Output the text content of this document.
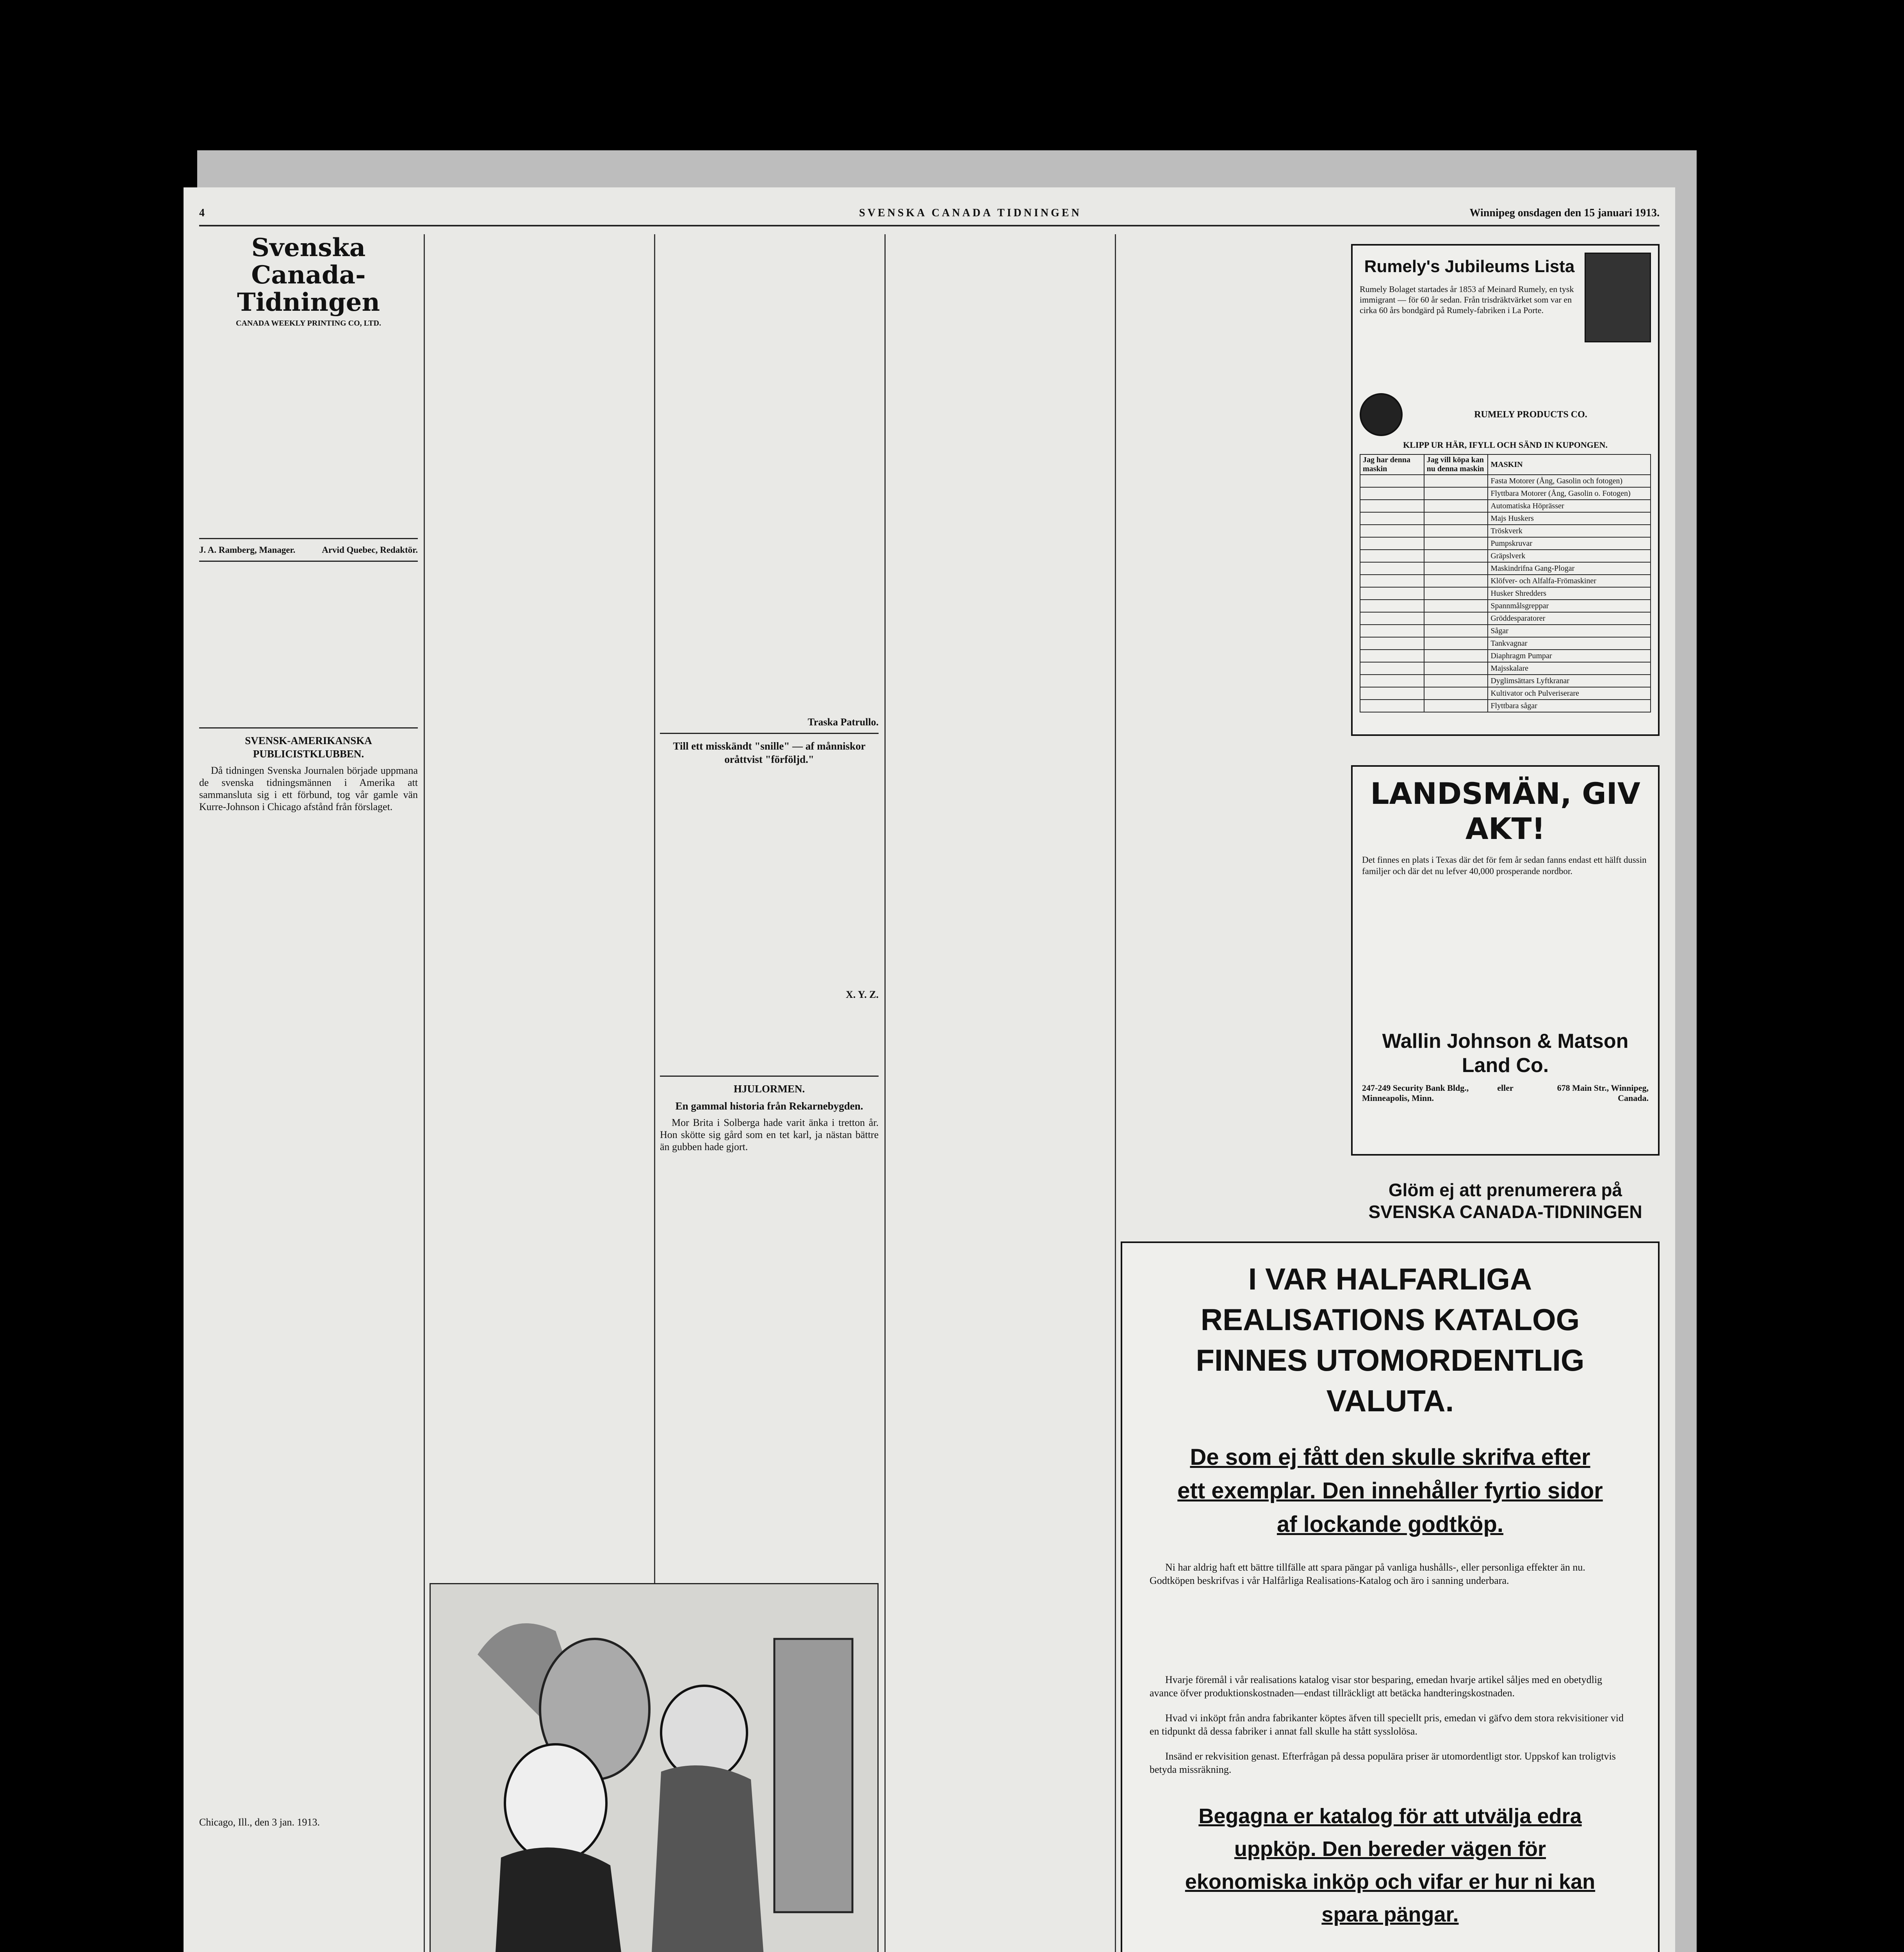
4	SVENSKA CANADA TIDNINGEN	Winnipeg onsdagen den 15 januari 1913.
Svenska Canada-
Tidningen
CANADA WEEKLY PRINTING CO, LTD.
J. A. Ramberg, Manager.	Arvid Quebec, Redaktör.
SVENSK-AMERIKANSKA PUBLICISTKLUBBEN.
Då tidningen Svenska Journalen började uppmana de svenska tidningsmännen i Amerika att sammansluta sig i ett förbund, tog vår gamle vän Kurre-Johnson i Chicago afstånd från förslaget.
Chicago, Ill., den 3 jan. 1913.
Traska Patrullo.
Till ett misskändt "snille" — af månniskor oråttvist "förföljd."
X. Y. Z.
HJULORMEN.
En gammal historia från Rekarnebygden.
Mor Brita i Solberga hade varit änka i tretton år. Hon skötte sig gård som en tet karl, ja nästan bättre än gubben hade gjort.
Rumely's Jubileums Lista
Rumely Bolaget startades år 1853 af Meinard Rumely, en tysk immigrant — för 60 år sedan. Från trisdräktvärket som var en cirka 60 års bondgärd på Rumely-fabriken i La Porte.
RUMELY PRODUCTS CO.
KLIPP UR HÄR, IFYLL OCH SÄND IN KUPONGEN.
Jag har denna maskin	Jag vill köpa kan nu denna maskin	MASKIN
		Fasta Motorer (Ång, Gasolin och fotogen)
		Flyttbara Motorer (Ång, Gasolin o. Fotogen)
		Automatiska Höprässer
		Majs Huskers
		Tröskverk
		Pumpskruvar
		Gräpslverk
		Maskindrifna Gang-Plogar
		Klöfver- och Alfalfa-Frömaskiner
		Husker Shredders
		Spannmålsgreppar
		Gröddesparatorer
		Sågar
		Tankvagnar
		Diaphragm Pumpar
		Majsskalare
		Dyglimsättars Lyftkranar
		Kultivator och Pulveriserare
		Flyttbara sågar
LANDSMÄN, GIV AKT!
Det finnes en plats i Texas där det för fem år sedan fanns endast ett hälft dussin familjer och där det nu lefver 40,000 prosperande nordbor.
Wallin Johnson & Matson Land Co.
247-249 Security Bank Bldg., Minneapolis, Minn.
eller	678 Main Str., Winnipeg, Canada.
Glöm ej att prenumerera på
SVENSKA CANADA-TIDNINGEN
I VAR HALFARLIGA REALISATIONS KATALOG FINNES UTOMORDENTLIG VALUTA.
De som ej fått den skulle skrifva efter ett exemplar. Den innehåller fyrtio sidor af lockande godtköp.
Ni har aldrig haft ett bättre tillfälle att spara pängar på vanliga hushålls-, eller personliga effekter än nu. Godtköpen beskrifvas i vår Halfårliga Realisations-Katalog och äro i sanning underbara.
Hvarje föremål i vår realisations katalog visar stor besparing, emedan hvarje artikel såljes med en obetydlig avance öfver produktionskostnaden—endast tillräckligt att betäcka handteringskostnaden.
Hvad vi inköpt från andra fabrikanter köptes äfven till speciellt pris, emedan vi gäfvo dem stora rekvisitioner vid en tidpunkt då dessa fabriker i annat fall skulle ha stått sysslolösa.
Insänd er rekvisition genast. Efterfrågan på dessa populära priser är utomordentligt stor. Uppskof kan troligtvis betyda missräkning.
Begagna er katalog för att utvälja edra uppköp. Den bereder vägen för ekonomiska inköp och vifar er hur ni kan spara pängar.
